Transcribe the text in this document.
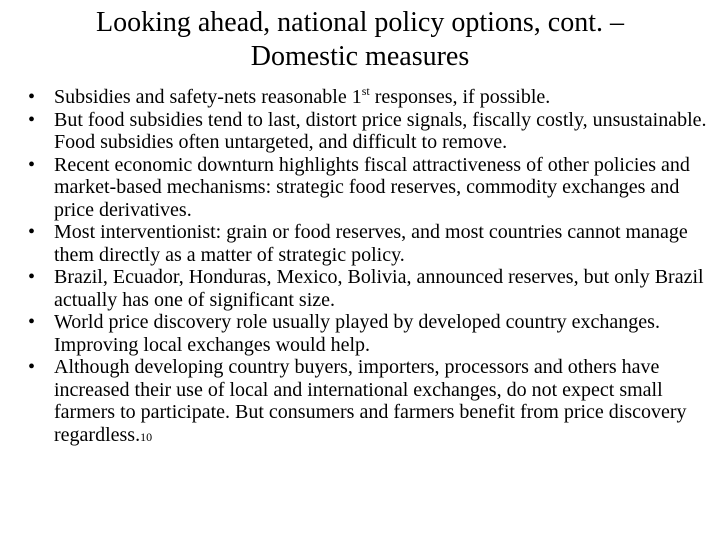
Looking ahead, national policy options, cont. –
Domestic measures
• Subsidies and safety-nets reasonable 1st responses, if possible.
• But food subsidies tend to last, distort price signals, fiscally costly, unsustainable. Food subsidies often untargeted, and difficult to remove.
• Recent economic downturn highlights fiscal attractiveness of other policies and market-based mechanisms: strategic food reserves, commodity exchanges and price derivatives.
• Most interventionist: grain or food reserves, and most countries cannot manage them directly as a matter of strategic policy.
• Brazil, Ecuador, Honduras, Mexico, Bolivia, announced reserves, but only Brazil actually has one of significant size.
• World price discovery role usually played by developed country exchanges. Improving local exchanges would help.
• Although developing country buyers, importers, processors and others have increased their use of local and international exchanges, do not expect small farmers to participate. But consumers and farmers benefit from price discovery regardless.10
